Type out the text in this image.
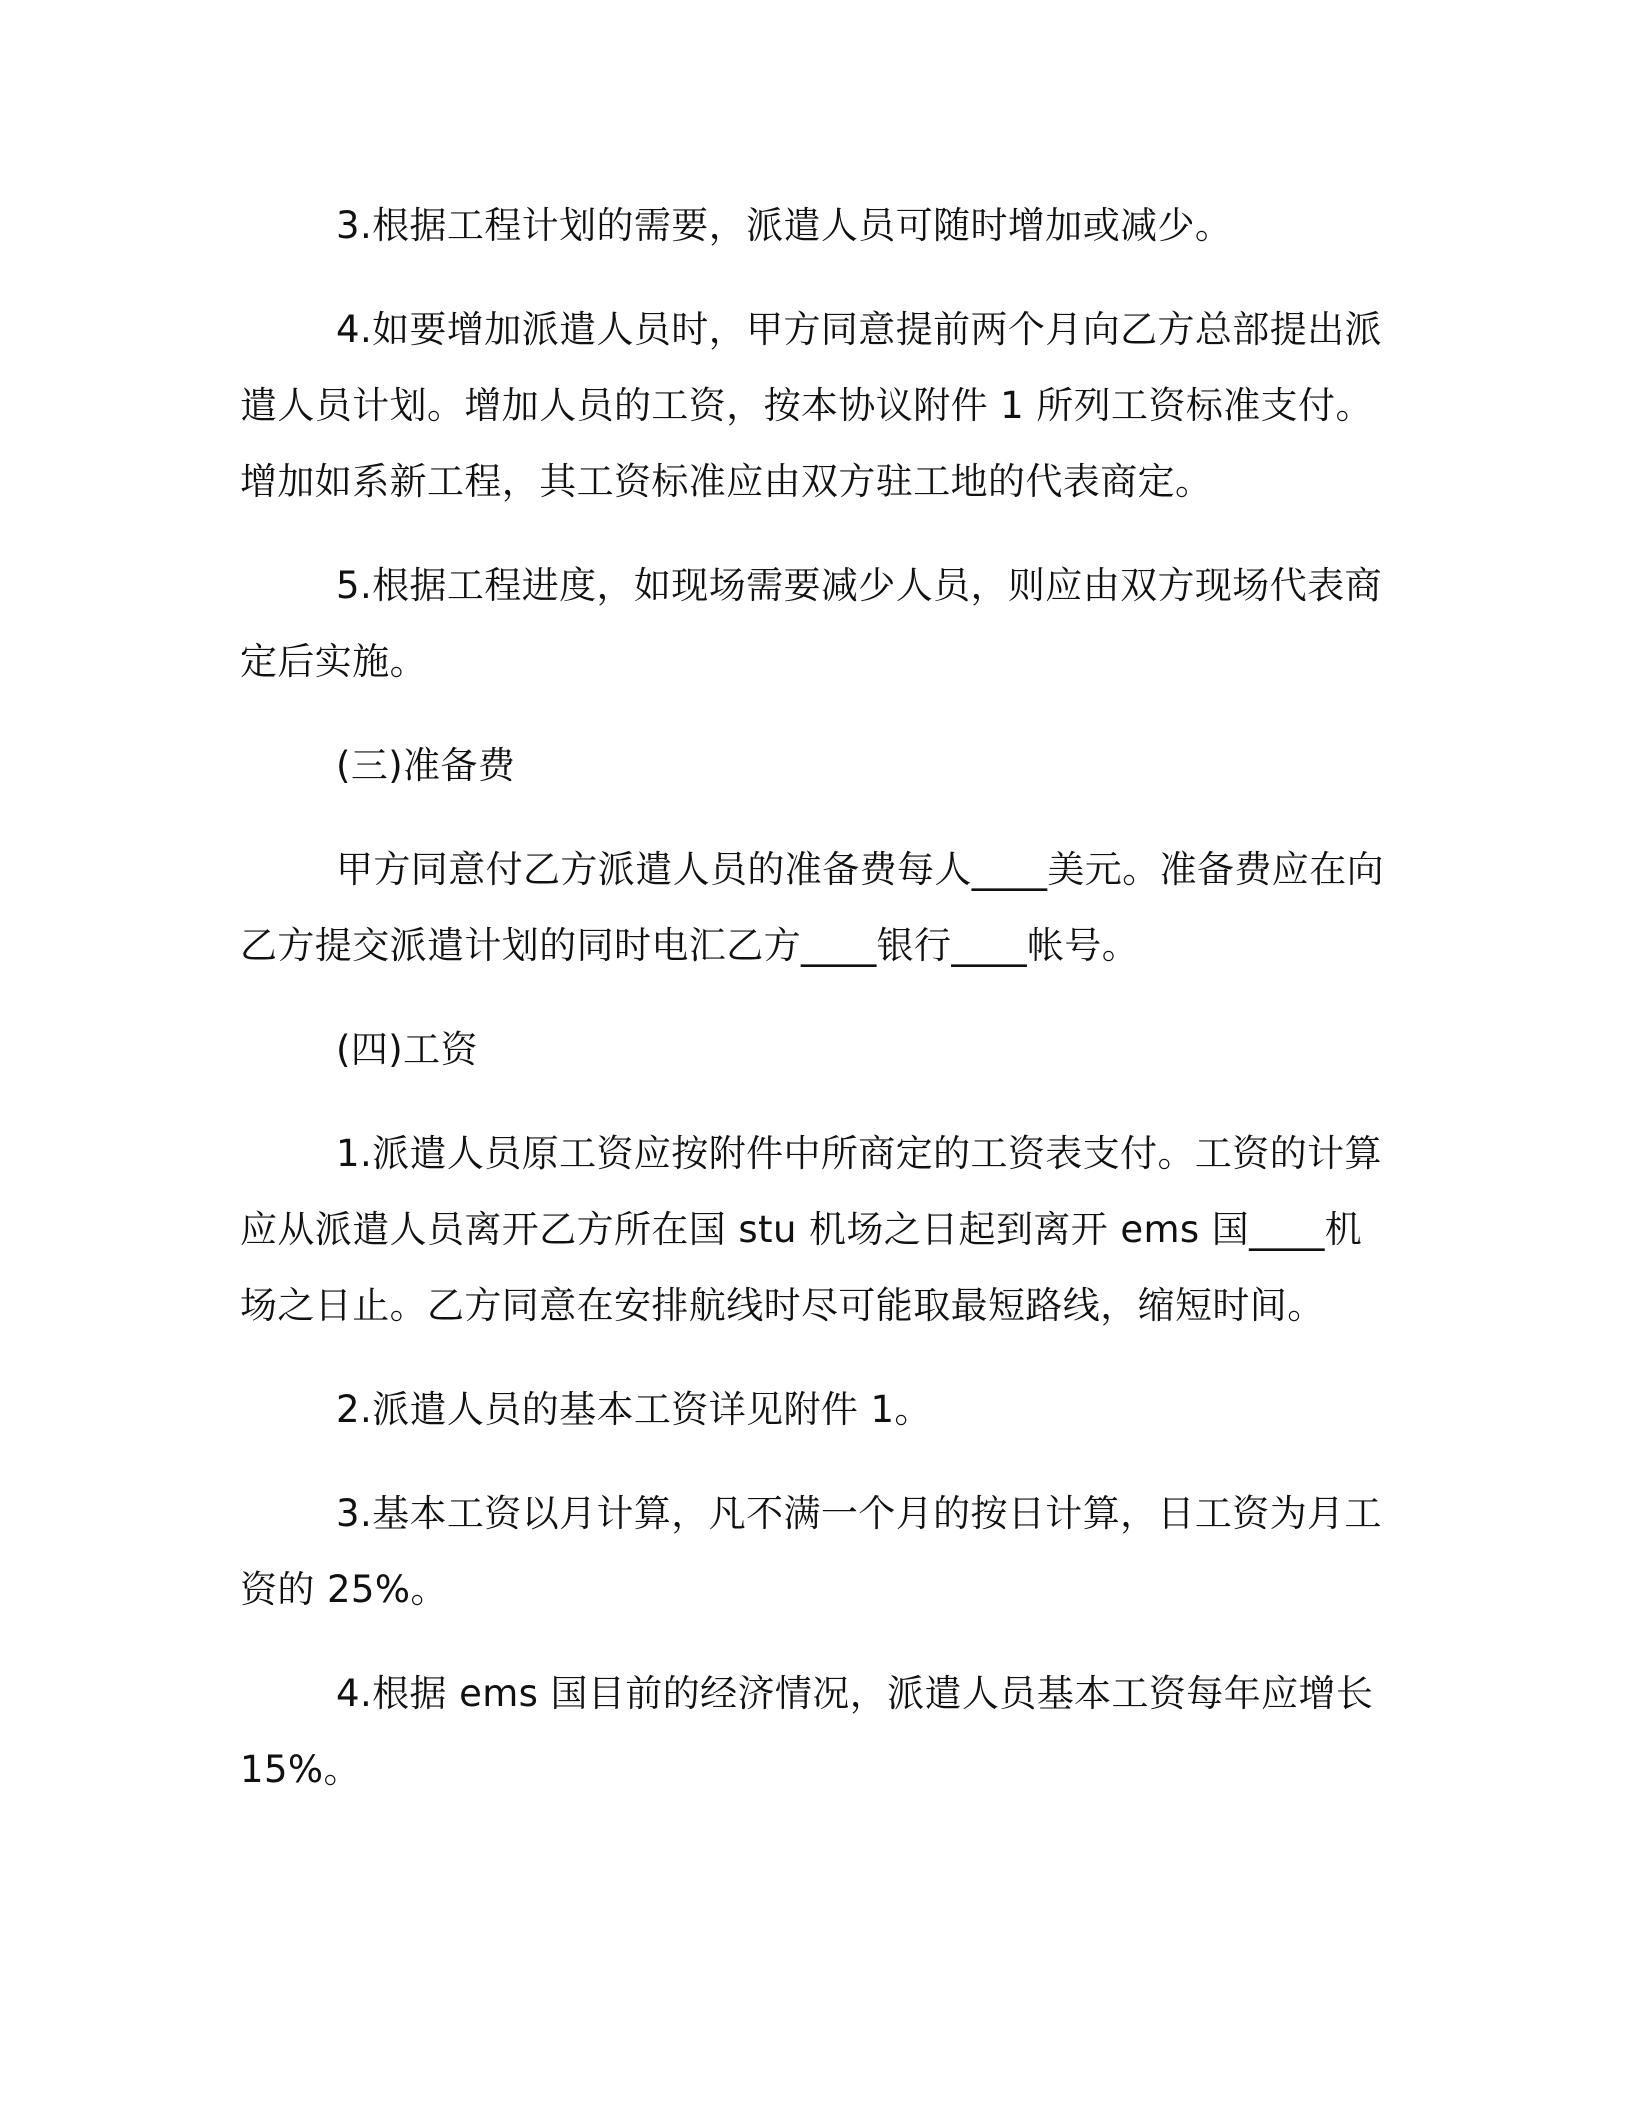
3.根据工程计划的需要，派遣人员可随时增加或减少。

4.如要增加派遣人员时，甲方同意提前两个月向乙方总部提出派遣人员计划。增加人员的工资，按本协议附件 1 所列工资标准支付。增加如系新工程，其工资标准应由双方驻工地的代表商定。

5.根据工程进度，如现场需要减少人员，则应由双方现场代表商定后实施。

(三)准备费

甲方同意付乙方派遣人员的准备费每人____美元。准备费应在向乙方提交派遣计划的同时电汇乙方____银行____帐号。

(四)工资

1.派遣人员原工资应按附件中所商定的工资表支付。工资的计算应从派遣人员离开乙方所在国 stu 机场之日起到离开 ems 国____机场之日止。乙方同意在安排航线时尽可能取最短路线，缩短时间。

2.派遣人员的基本工资详见附件 1。

3.基本工资以月计算，凡不满一个月的按日计算，日工资为月工资的 25%。

4.根据 ems 国目前的经济情况，派遣人员基本工资每年应增长 15%。
